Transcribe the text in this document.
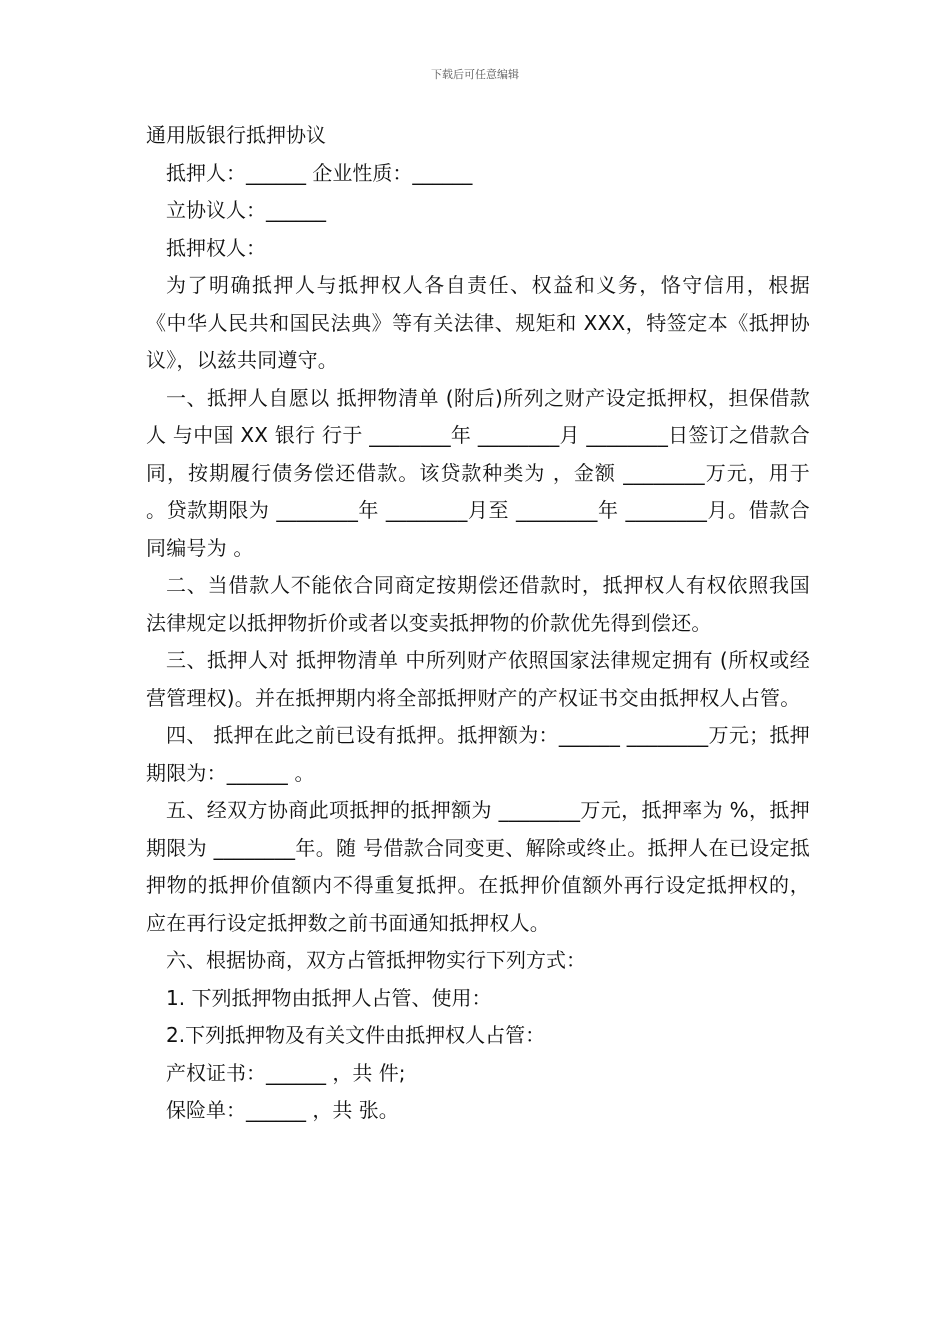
下载后可任意编辑
通用版银行抵押协议
抵押人：______ 企业性质：______
立协议人：______
抵押权人：

为了明确抵押人与抵押权人各自责任、权益和义务，恪守信用，根据《中华人民共和国民法典》等有关法律、规矩和 XXX，特签定本《抵押协议》，以兹共同遵守。

一、抵押人自愿以 抵押物清单 (附后)所列之财产设定抵押权，担保借款人 与中国 XX 银行 行于 ________年 ________月 ________日签订之借款合同，按期履行债务偿还借款。该贷款种类为 ，金额 ________万元，用于 。贷款期限为 ________年 ________月至 ________年 ________月。借款合同编号为 。

二、当借款人不能依合同商定按期偿还借款时，抵押权人有权依照我国法律规定以抵押物折价或者以变卖抵押物的价款优先得到偿还。

三、抵押人对 抵押物清单 中所列财产依照国家法律规定拥有 (所权或经营管理权)。并在抵押期内将全部抵押财产的产权证书交由抵押权人占管。

四、 抵押在此之前已设有抵押。抵押额为：______ ________万元；抵押期限为：______ 。

五、经双方协商此项抵押的抵押额为 ________万元，抵押率为 %，抵押期限为 ________年。随 号借款合同变更、解除或终止。抵押人在已设定抵押物的抵押价值额内不得重复抵押。在抵押价值额外再行设定抵押权的，应在再行设定抵押数之前书面通知抵押权人。

六、根据协商，双方占管抵押物实行下列方式：
1. 下列抵押物由抵押人占管、使用：
2.下列抵押物及有关文件由抵押权人占管：
产权证书：______ ，共 件;
保险单：______ ，共 张。
